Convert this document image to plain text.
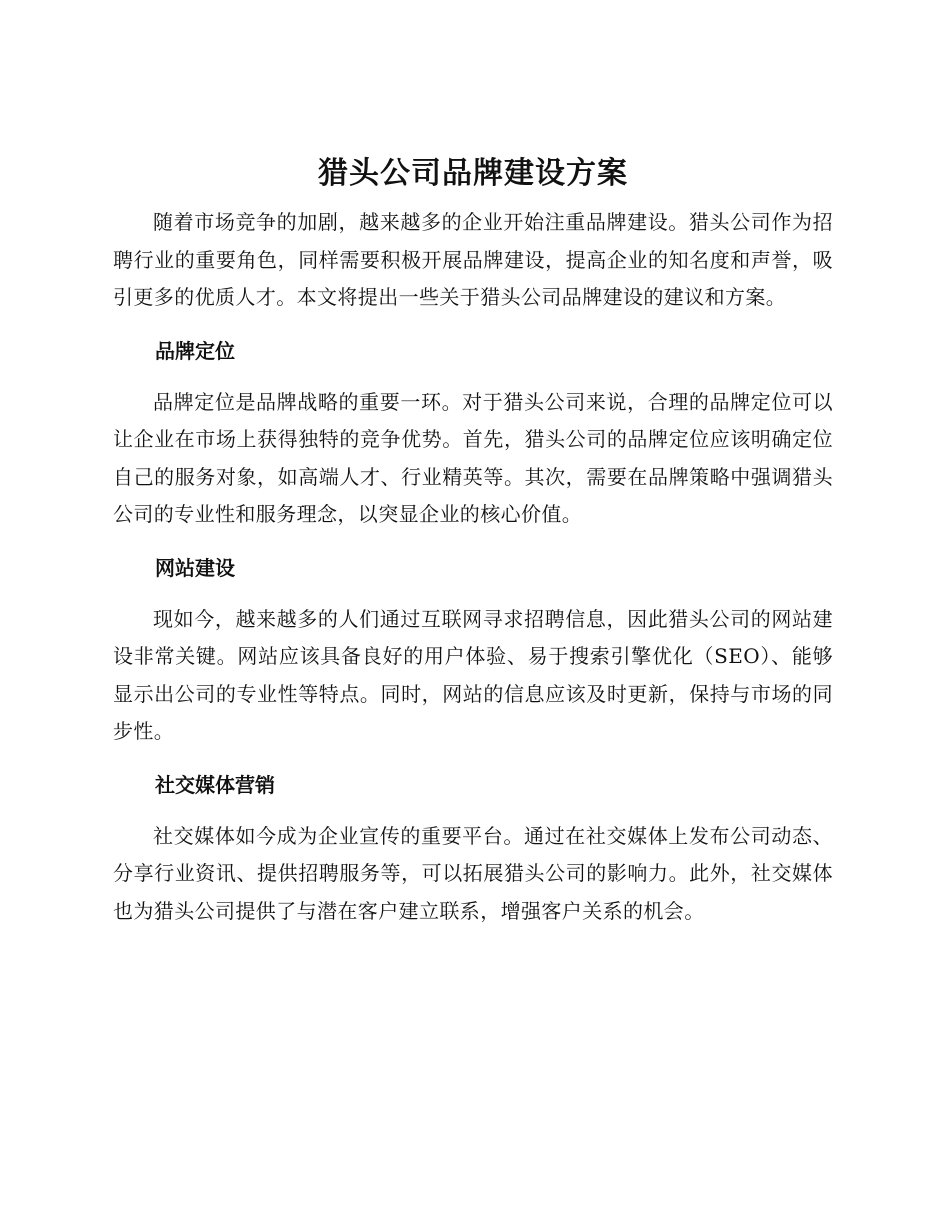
猎头公司品牌建设方案

随着市场竞争的加剧，越来越多的企业开始注重品牌建设。猎头公司作为招聘行业的重要角色，同样需要积极开展品牌建设，提高企业的知名度和声誉，吸引更多的优质人才。本文将提出一些关于猎头公司品牌建设的建议和方案。

品牌定位

品牌定位是品牌战略的重要一环。对于猎头公司来说，合理的品牌定位可以让企业在市场上获得独特的竞争优势。首先，猎头公司的品牌定位应该明确定位自己的服务对象，如高端人才、行业精英等。其次，需要在品牌策略中强调猎头公司的专业性和服务理念，以突显企业的核心价值。

网站建设

现如今，越来越多的人们通过互联网寻求招聘信息，因此猎头公司的网站建设非常关键。网站应该具备良好的用户体验、易于搜索引擎优化（SEO）、能够显示出公司的专业性等特点。同时，网站的信息应该及时更新，保持与市场的同步性。

社交媒体营销

社交媒体如今成为企业宣传的重要平台。通过在社交媒体上发布公司动态、分享行业资讯、提供招聘服务等，可以拓展猎头公司的影响力。此外，社交媒体也为猎头公司提供了与潜在客户建立联系，增强客户关系的机会。
